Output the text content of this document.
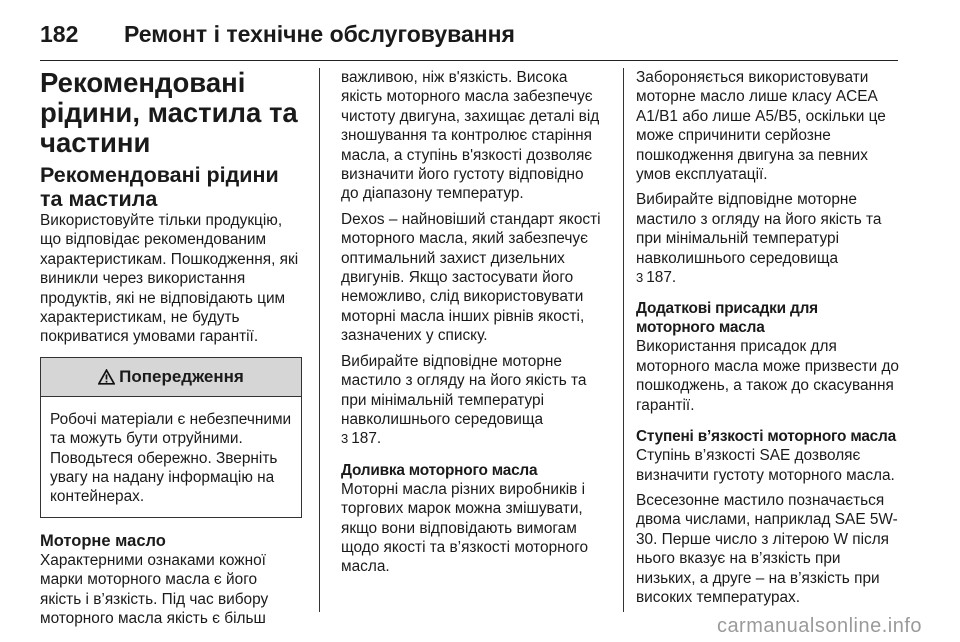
182	Ремонт і технічне обслуговування
Рекомендовані рідини, мастила та частини
Рекомендовані рідини та мастила

Використовуйте тільки продукцію, що відповідає рекомендованим характеристикам. Пошкодження, які виникли через використання продуктів, які не відповідають цим характеристикам, не будуть покриватися умовами гарантії.

Попередження
Робочі матеріали є небезпечними та можуть бути отруйними. Поводьтеся обережно. Зверніть увагу на надану інформацію на контейнерах.
Моторне масло

Характерними ознаками кожної марки моторного масла є його якість і в’язкість. Під час вибору моторного масла якість є більш

важливою, ніж в'язкість. Висока якість моторного масла забезпечує чистоту двигуна, захищає деталі від зношування та контролює старіння масла, а ступінь в'язкості дозволяє визначити його густоту відповідно до діапазону температур.

Dexos – найновіший стандарт якості моторного масла, який забезпечує оптимальний захист дизельних двигунів. Якщо застосувати його неможливо, слід використовувати моторні масла інших рівнів якості, зазначених у списку.

Вибирайте відповідне моторне мастило з огляду на його якість та при мінімальній температурі навколишнього середовища
3 187.

Доливка моторного масла

Моторні масла різних виробників і торгових марок можна змішувати, якщо вони відповідають вимогам щодо якості та в’язкості моторного масла.

Забороняється використовувати моторне масло лише класу ACEA A1/B1 або лише A5/B5, оскільки це може спричинити серйозне пошкодження двигуна за певних умов експлуатації.

Вибирайте відповідне моторне мастило з огляду на його якість та при мінімальній температурі навколишнього середовища
3 187.

Додаткові присадки для моторного масла

Використання присадок для моторного масла може призвести до пошкоджень, а також до скасування гарантії.

Ступені в’язкості моторного масла

Ступінь в’язкості SAE дозволяє визначити густоту моторного масла.

Всесезонне мастило позначається двома числами, наприклад SAE 5W-30. Перше число з літерою W після нього вказує на в’язкість при низьких, а друге – на в’язкість при високих температурах.

carmanualsonline.info
